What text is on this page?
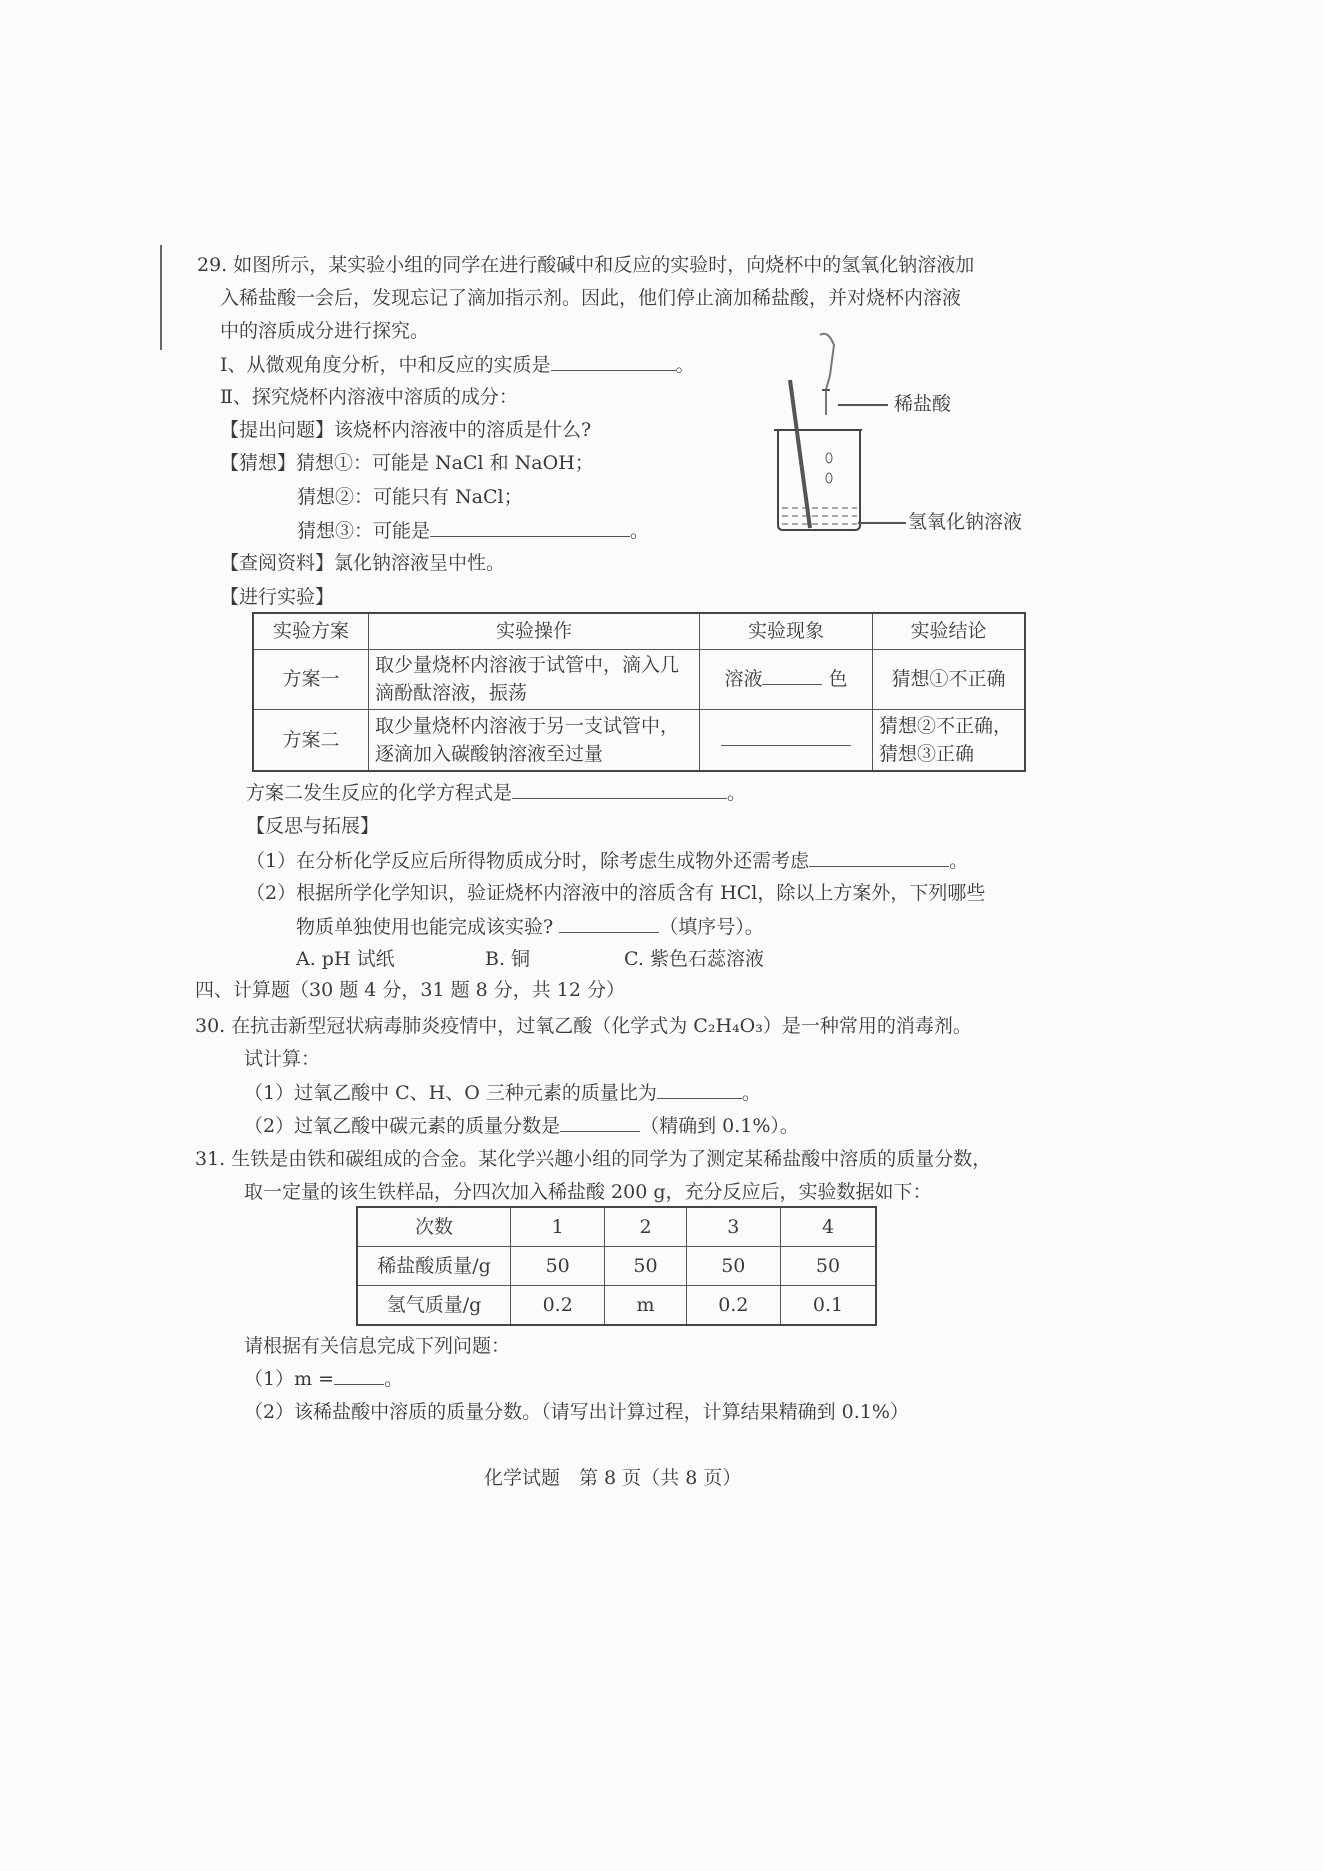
29. 如图所示，某实验小组的同学在进行酸碱中和反应的实验时，向烧杯中的氢氧化钠溶液加
入稀盐酸一会后，发现忘记了滴加指示剂。因此，他们停止滴加稀盐酸，并对烧杯内溶液
中的溶质成分进行探究。
Ⅰ、从微观角度分析，中和反应的实质是	。
Ⅱ、探究烧杯内溶液中溶质的成分：
【提出问题】该烧杯内溶液中的溶质是什么?
【猜想】猜想①：可能是 NaCl 和 NaOH；
猜想②：可能只有 NaCl；
猜想③：可能是	。
【查阅资料】氯化钠溶液呈中性。
【进行实验】
稀盐酸
氢氧化钠溶液
实验方案	实验操作	实验现象	实验结论
方案一	取少量烧杯内溶液于试管中，滴入几滴酚酞溶液，振荡	溶液 色	猜想①不正确
方案二	取少量烧杯内溶液于另一支试管中，逐滴加入碳酸钠溶液至过量		猜想②不正确，
猜想③正确
方案二发生反应的化学方程式是	。
【反思与拓展】
（1）在分析化学反应后所得物质成分时，除考虑生成物外还需考虑	。
（2）根据所学化学知识，验证烧杯内溶液中的溶质含有 HCl，除以上方案外，下列哪些
物质单独使用也能完成该实验?	（填序号）。
A. pH 试纸	B. 铜	C. 紫色石蕊溶液
四、计算题（30 题 4 分，31 题 8 分，共 12 分）
30. 在抗击新型冠状病毒肺炎疫情中，过氧乙酸（化学式为 C₂H₄O₃）是一种常用的消毒剂。
试计算：
（1）过氧乙酸中 C、H、O 三种元素的质量比为	。
（2）过氧乙酸中碳元素的质量分数是	（精确到 0.1%）。
31. 生铁是由铁和碳组成的合金。某化学兴趣小组的同学为了测定某稀盐酸中溶质的质量分数，
取一定量的该生铁样品，分四次加入稀盐酸 200 g，充分反应后，实验数据如下：
次数	1	2	3	4
稀盐酸质量/g	50	50	50	50
氢气质量/g	0.2	m	0.2	0.1
请根据有关信息完成下列问题：
（1）m =	。
（2）该稀盐酸中溶质的质量分数。（请写出计算过程，计算结果精确到 0.1%）
化学试题　第 8 页（共 8 页）
